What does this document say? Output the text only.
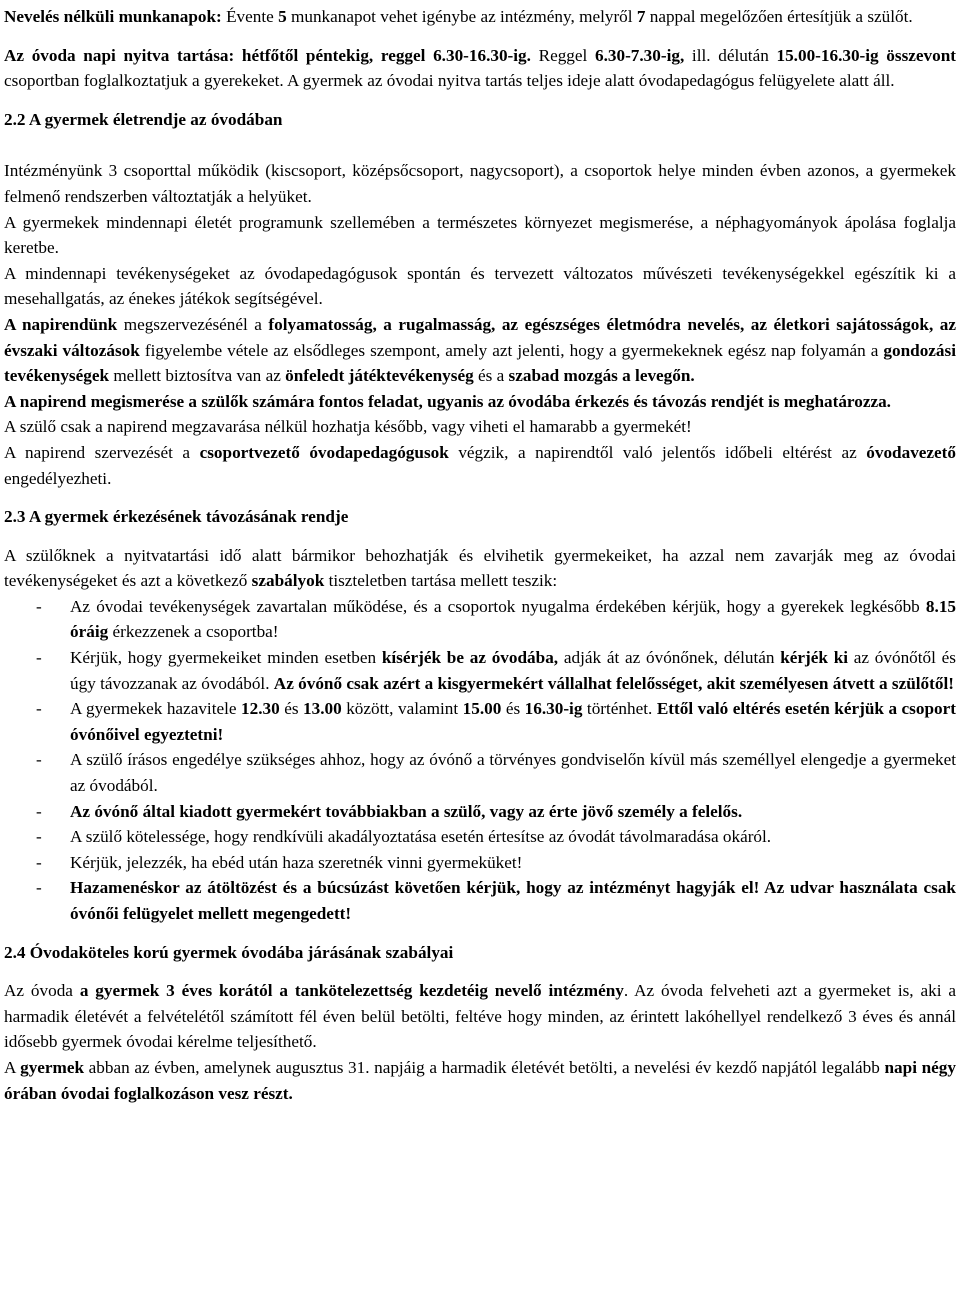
Nevelés nélküli munkanapok: Évente 5 munkanapot vehet igénybe az intézmény, melyről 7 nappal megelőzően értesítjük a szülőt.

Az óvoda napi nyitva tartása: hétfőtől péntekig, reggel 6.30-16.30-ig. Reggel 6.30-7.30-ig, ill. délután 15.00-16.30-ig összevont csoportban foglalkoztatjuk a gyerekeket. A gyermek az óvodai nyitva tartás teljes ideje alatt óvodapedagógus felügyelete alatt áll.

2.2 A gyermek életrendje az óvodában

Intézményünk 3 csoporttal működik (kiscsoport, középsőcsoport, nagycsoport), a csoportok helye minden évben azonos, a gyermekek felmenő rendszerben változtatják a helyüket.

A gyermekek mindennapi életét programunk szellemében a természetes környezet megismerése, a néphagyományok ápolása foglalja keretbe.

A mindennapi tevékenységeket az óvodapedagógusok spontán és tervezett változatos művészeti tevékenységekkel egészítik ki a mesehallgatás, az énekes játékok segítségével.

A napirendünk megszervezésénél a folyamatosság, a rugalmasság, az egészséges életmódra nevelés, az életkori sajátosságok, az évszaki változások figyelembe vétele az elsődleges szempont, amely azt jelenti, hogy a gyermekeknek egész nap folyamán a gondozási tevékenységek mellett biztosítva van az önfeledt játéktevékenység és a szabad mozgás a levegőn.

A napirend megismerése a szülők számára fontos feladat, ugyanis az óvodába érkezés és távozás rendjét is meghatározza.

A szülő csak a napirend megzavarása nélkül hozhatja később, vagy viheti el hamarabb a gyermekét!

A napirend szervezését a csoportvezető óvodapedagógusok végzik, a napirendtől való jelentős időbeli eltérést az óvodavezető engedélyezheti.

2.3 A gyermek érkezésének távozásának rendje

A szülőknek a nyitvatartási idő alatt bármikor behozhatják és elvihetik gyermekeiket, ha azzal nem zavarják meg az óvodai tevékenységeket és azt a következő szabályok tiszteletben tartása mellett teszik:

- Az óvodai tevékenységek zavartalan működése, és a csoportok nyugalma érdekében kérjük, hogy a gyerekek legkésőbb 8.15 óráig érkezzenek a csoportba!
- Kérjük, hogy gyermekeiket minden esetben kísérjék be az óvodába, adják át az óvónőnek, délután kérjék ki az óvónőtől és úgy távozzanak az óvodából. Az óvónő csak azért a kisgyermekért vállalhat felelősséget, akit személyesen átvett a szülőtől!
- A gyermekek hazavitele 12.30 és 13.00 között, valamint 15.00 és 16.30-ig történhet. Ettől való eltérés esetén kérjük a csoport óvónőivel egyeztetni!
- A szülő írásos engedélye szükséges ahhoz, hogy az óvónő a törvényes gondviselőn kívül más személlyel elengedje a gyermeket az óvodából.
- Az óvónő által kiadott gyermekért továbbiakban a szülő, vagy az érte jövő személy a felelős.
- A szülő kötelessége, hogy rendkívüli akadályoztatása esetén értesítse az óvodát távolmaradása okáról.
- Kérjük, jelezzék, ha ebéd után haza szeretnék vinni gyermeküket!
- Hazamenéskor az átöltözést és a búcsúzást követően kérjük, hogy az intézményt hagyják el! Az udvar használata csak óvónői felügyelet mellett megengedett!
2.4 Óvodaköteles korú gyermek óvodába járásának szabályai

Az óvoda a gyermek 3 éves korától a tankötelezettség kezdetéig nevelő intézmény. Az óvoda felveheti azt a gyermeket is, aki a harmadik életévét a felvételétől számított fél éven belül betölti, feltéve hogy minden, az érintett lakóhellyel rendelkező 3 éves és annál idősebb gyermek óvodai kérelme teljesíthető.

A gyermek abban az évben, amelynek augusztus 31. napjáig a harmadik életévét betölti, a nevelési év kezdő napjától legalább napi négy órában óvodai foglalkozáson vesz részt.
